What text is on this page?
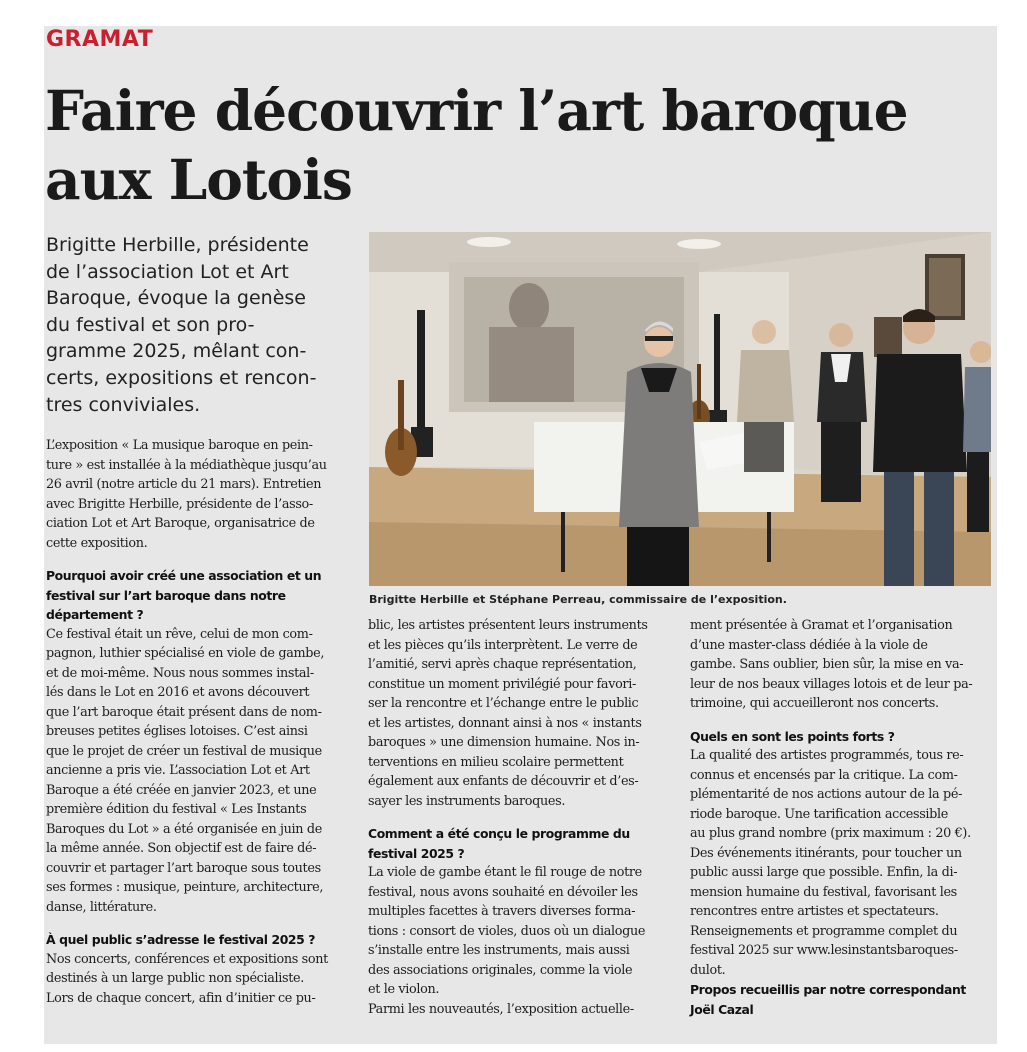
GRAMAT
Faire découvrir l’art baroque
aux Lotois
Brigitte Herbille, présidente
de l’association Lot et Art
Baroque, évoque la genèse
du festival et son pro-
gramme 2025, mêlant con-
certs, expositions et rencon-
tres conviviales.
Brigitte Herbille et Stéphane Perreau, commissaire de l’exposition.
L’exposition « La musique baroque en pein-
ture » est installée à la médiathèque jusqu’au
26 avril (notre article du 21 mars). Entretien
avec Brigitte Herbille, présidente de l’asso-
ciation Lot et Art Baroque, organisatrice de
cette exposition.
Pourquoi avoir créé une association et un
festival sur l’art baroque dans notre
département ?
Ce festival était un rêve, celui de mon com-
pagnon, luthier spécialisé en viole de gambe,
et de moi-même. Nous nous sommes instal-
lés dans le Lot en 2016 et avons découvert
que l’art baroque était présent dans de nom-
breuses petites églises lotoises. C’est ainsi
que le projet de créer un festival de musique
ancienne a pris vie. L’association Lot et Art
Baroque a été créée en janvier 2023, et une
première édition du festival « Les Instants
Baroques du Lot » a été organisée en juin de
la même année. Son objectif est de faire dé-
couvrir et partager l’art baroque sous toutes
ses formes : musique, peinture, architecture,
danse, littérature.
À quel public s’adresse le festival 2025 ?
Nos concerts, conférences et expositions sont
destinés à un large public non spécialiste.
Lors de chaque concert, afin d’initier ce pu-
blic, les artistes présentent leurs instruments
et les pièces qu’ils interprètent. Le verre de
l’amitié, servi après chaque représentation,
constitue un moment privilégié pour favori-
ser la rencontre et l’échange entre le public
et les artistes, donnant ainsi à nos « instants
baroques » une dimension humaine. Nos in-
terventions en milieu scolaire permettent
également aux enfants de découvrir et d’es-
sayer les instruments baroques.
Comment a été conçu le programme du
festival 2025 ?
La viole de gambe étant le fil rouge de notre
festival, nous avons souhaité en dévoiler les
multiples facettes à travers diverses forma-
tions : consort de violes, duos où un dialogue
s’installe entre les instruments, mais aussi
des associations originales, comme la viole
et le violon.
Parmi les nouveautés, l’exposition actuelle-
ment présentée à Gramat et l’organisation
d’une master-class dédiée à la viole de
gambe. Sans oublier, bien sûr, la mise en va-
leur de nos beaux villages lotois et de leur pa-
trimoine, qui accueilleront nos concerts.
Quels en sont les points forts ?
La qualité des artistes programmés, tous re-
connus et encensés par la critique. La com-
plémentarité de nos actions autour de la pé-
riode baroque. Une tarification accessible
au plus grand nombre (prix maximum : 20 €).
Des événements itinérants, pour toucher un
public aussi large que possible. Enfin, la di-
mension humaine du festival, favorisant les
rencontres entre artistes et spectateurs.
Renseignements et programme complet du
festival 2025 sur www.lesinstantsbaroques-
dulot.
Propos recueillis par notre correspondant
Joël Cazal
